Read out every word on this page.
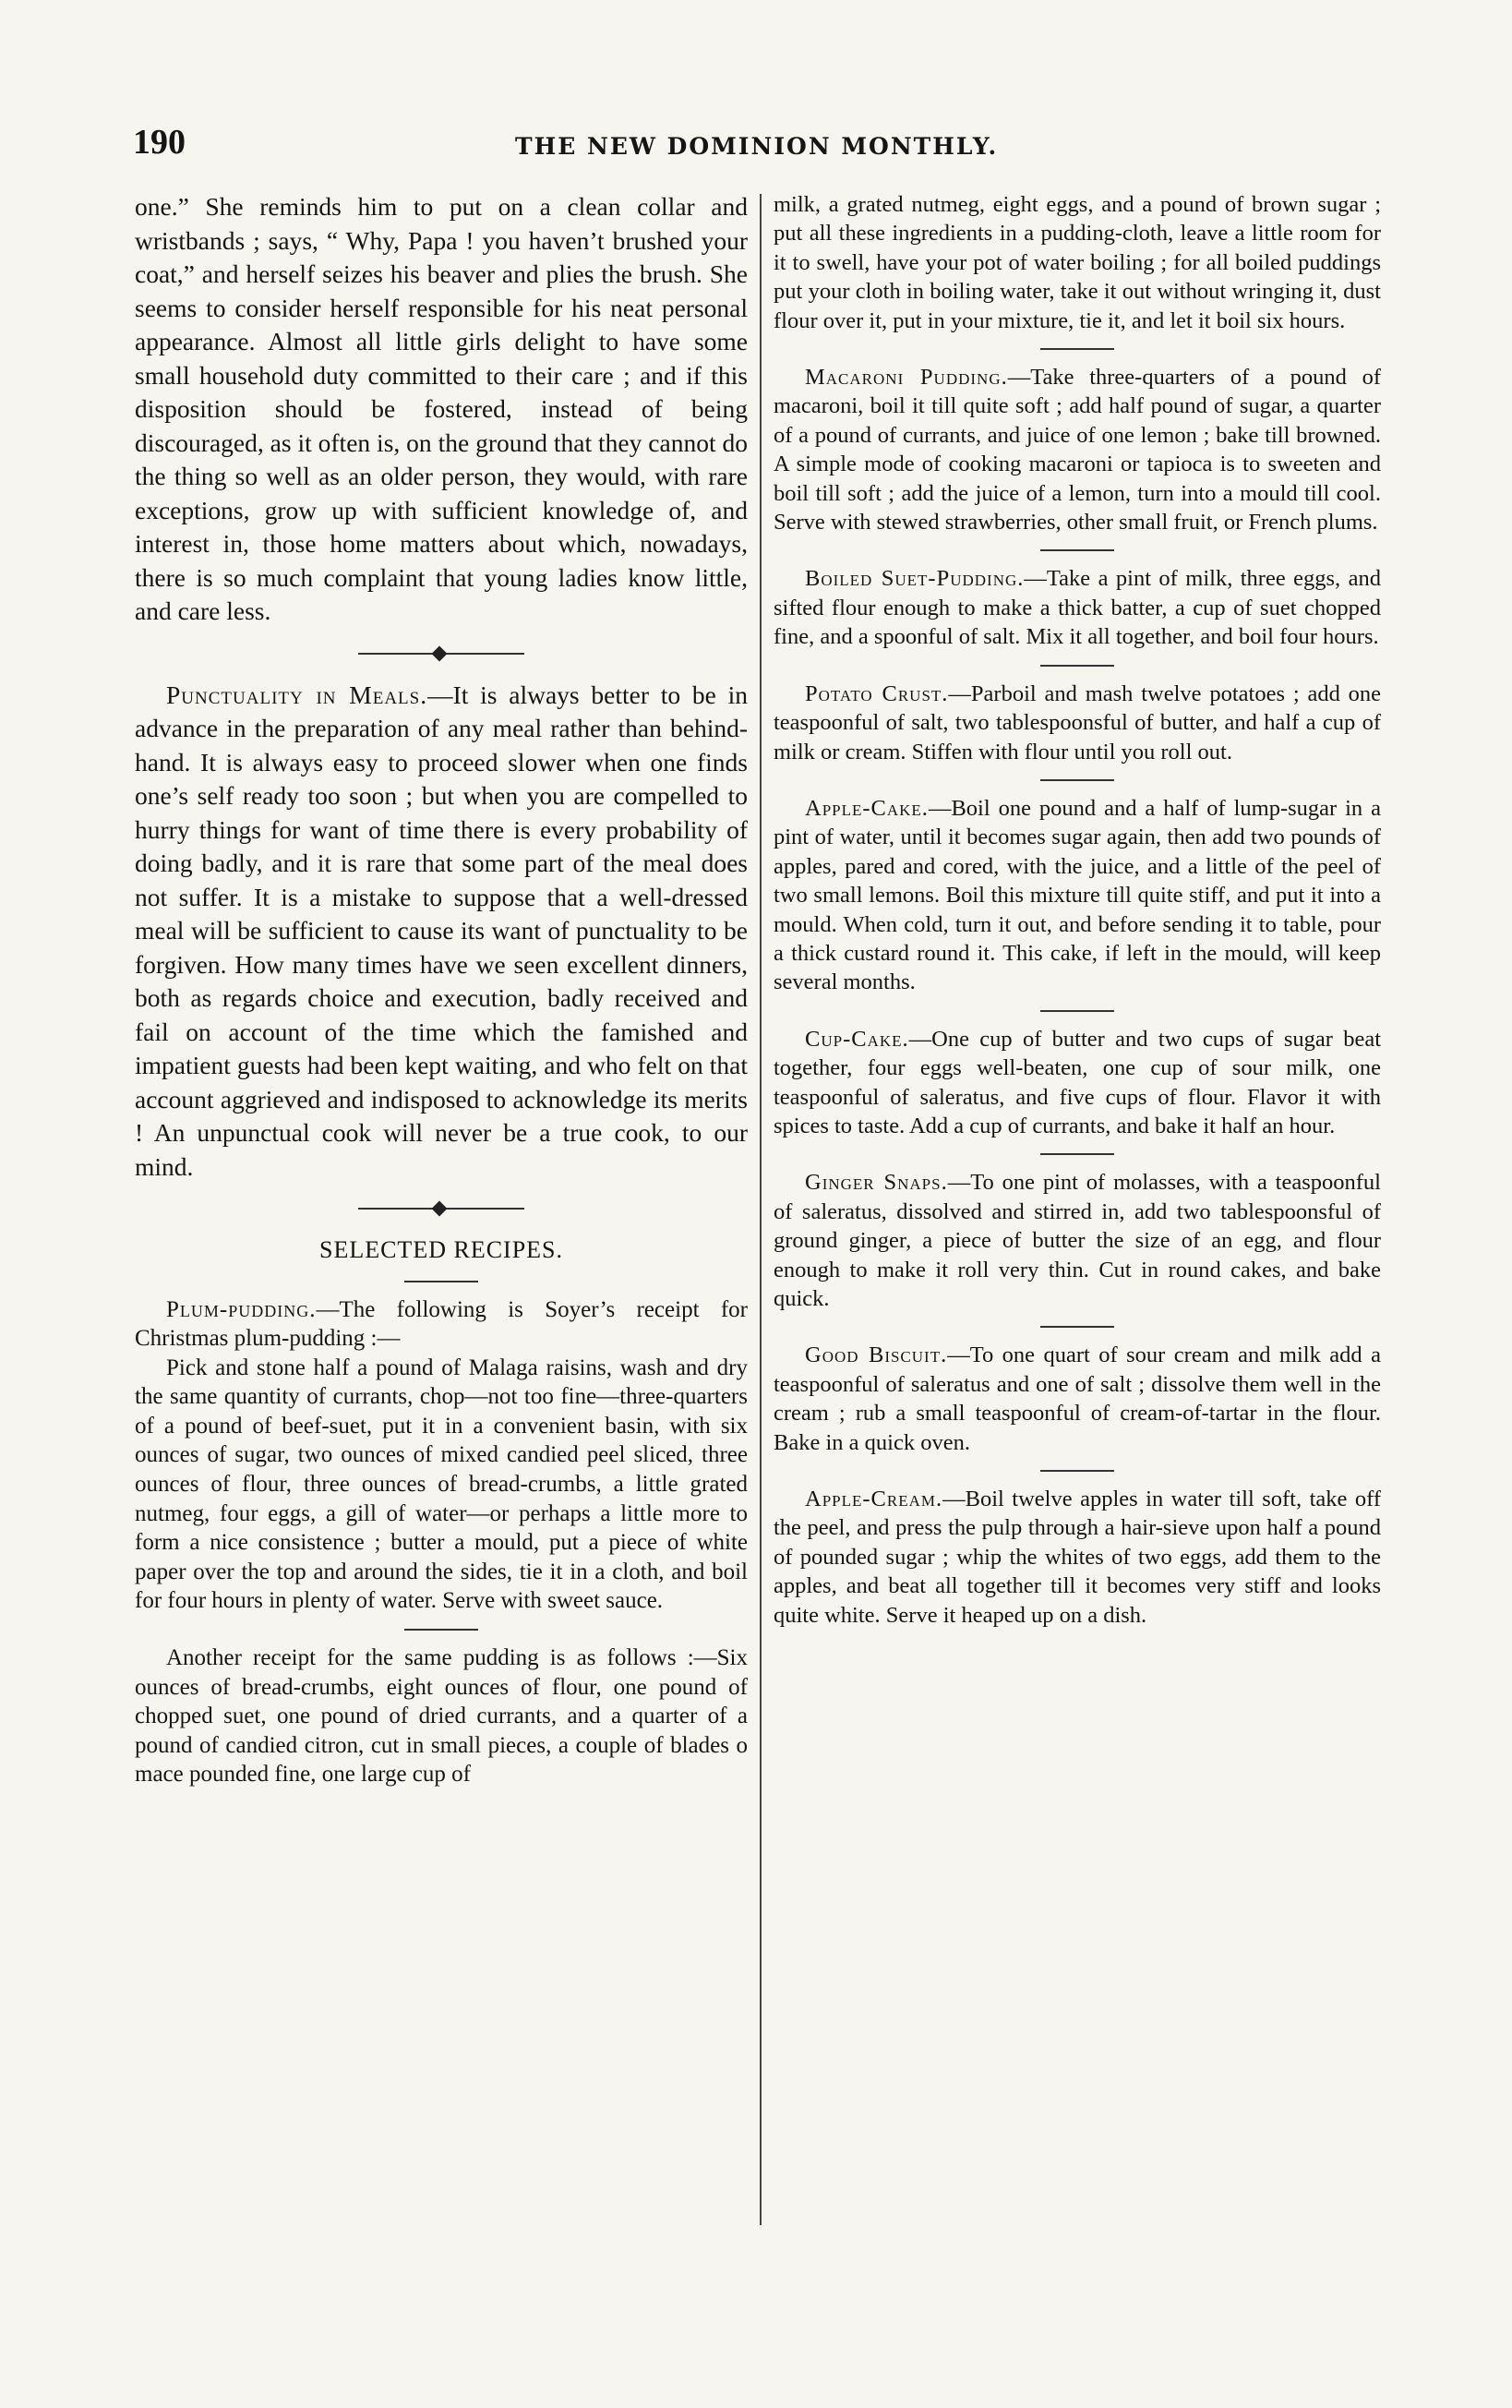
190	THE NEW DOMINION MONTHLY.

one.” She reminds him to put on a clean collar and wristbands ; says, “ Why, Papa ! you haven’t brushed your coat,” and herself seizes his beaver and plies the brush. She seems to consider herself responsible for his neat personal appearance. Almost all little girls delight to have some small household duty committed to their care ; and if this disposition should be fostered, instead of being discouraged, as it often is, on the ground that they cannot do the thing so well as an older person, they would, with rare exceptions, grow up with sufficient knowledge of, and interest in, those home matters about which, nowadays, there is so much complaint that young ladies know little, and care less.

Punctuality in Meals.—It is always better to be in advance in the preparation of any meal rather than behind-hand. It is always easy to proceed slower when one finds one’s self ready too soon ; but when you are compelled to hurry things for want of time there is every probability of doing badly, and it is rare that some part of the meal does not suffer. It is a mistake to suppose that a well-dressed meal will be sufficient to cause its want of punctuality to be forgiven. How many times have we seen excellent dinners, both as regards choice and execution, badly received and fail on account of the time which the famished and impatient guests had been kept waiting, and who felt on that account aggrieved and indisposed to acknowledge its merits ! An unpunctual cook will never be a true cook, to our mind.

SELECTED RECIPES.

Plum-pudding.—The following is Soyer’s receipt for Christmas plum-pudding :—

Pick and stone half a pound of Malaga raisins, wash and dry the same quantity of currants, chop—not too fine—three-quarters of a pound of beef-suet, put it in a convenient basin, with six ounces of sugar, two ounces of mixed candied peel sliced, three ounces of flour, three ounces of bread-crumbs, a little grated nutmeg, four eggs, a gill of water—or perhaps a little more to form a nice consistence ; butter a mould, put a piece of white paper over the top and around the sides, tie it in a cloth, and boil for four hours in plenty of water. Serve with sweet sauce.

Another receipt for the same pudding is as follows :—Six ounces of bread-crumbs, eight ounces of flour, one pound of chopped suet, one pound of dried currants, and a quarter of a pound of candied citron, cut in small pieces, a couple of blades o mace pounded fine, one large cup of

milk, a grated nutmeg, eight eggs, and a pound of brown sugar ; put all these ingredients in a pudding-cloth, leave a little room for it to swell, have your pot of water boiling ; for all boiled puddings put your cloth in boiling water, take it out without wringing it, dust flour over it, put in your mixture, tie it, and let it boil six hours.

Macaroni Pudding.—Take three-quarters of a pound of macaroni, boil it till quite soft ; add half pound of sugar, a quarter of a pound of currants, and juice of one lemon ; bake till browned. A simple mode of cooking macaroni or tapioca is to sweeten and boil till soft ; add the juice of a lemon, turn into a mould till cool. Serve with stewed strawberries, other small fruit, or French plums.

Boiled Suet-Pudding.—Take a pint of milk, three eggs, and sifted flour enough to make a thick batter, a cup of suet chopped fine, and a spoonful of salt. Mix it all together, and boil four hours.

Potato Crust.—Parboil and mash twelve potatoes ; add one teaspoonful of salt, two tablespoonsful of butter, and half a cup of milk or cream. Stiffen with flour until you roll out.

Apple-Cake.—Boil one pound and a half of lump-sugar in a pint of water, until it becomes sugar again, then add two pounds of apples, pared and cored, with the juice, and a little of the peel of two small lemons. Boil this mixture till quite stiff, and put it into a mould. When cold, turn it out, and before sending it to table, pour a thick custard round it. This cake, if left in the mould, will keep several months.

Cup-Cake.—One cup of butter and two cups of sugar beat together, four eggs well-beaten, one cup of sour milk, one teaspoonful of saleratus, and five cups of flour. Flavor it with spices to taste. Add a cup of currants, and bake it half an hour.

Ginger Snaps.—To one pint of molasses, with a teaspoonful of saleratus, dissolved and stirred in, add two tablespoonsful of ground ginger, a piece of butter the size of an egg, and flour enough to make it roll very thin. Cut in round cakes, and bake quick.

Good Biscuit.—To one quart of sour cream and milk add a teaspoonful of saleratus and one of salt ; dissolve them well in the cream ; rub a small teaspoonful of cream-of-tartar in the flour. Bake in a quick oven.

Apple-Cream.—Boil twelve apples in water till soft, take off the peel, and press the pulp through a hair-sieve upon half a pound of pounded sugar ; whip the whites of two eggs, add them to the apples, and beat all together till it becomes very stiff and looks quite white. Serve it heaped up on a dish.
